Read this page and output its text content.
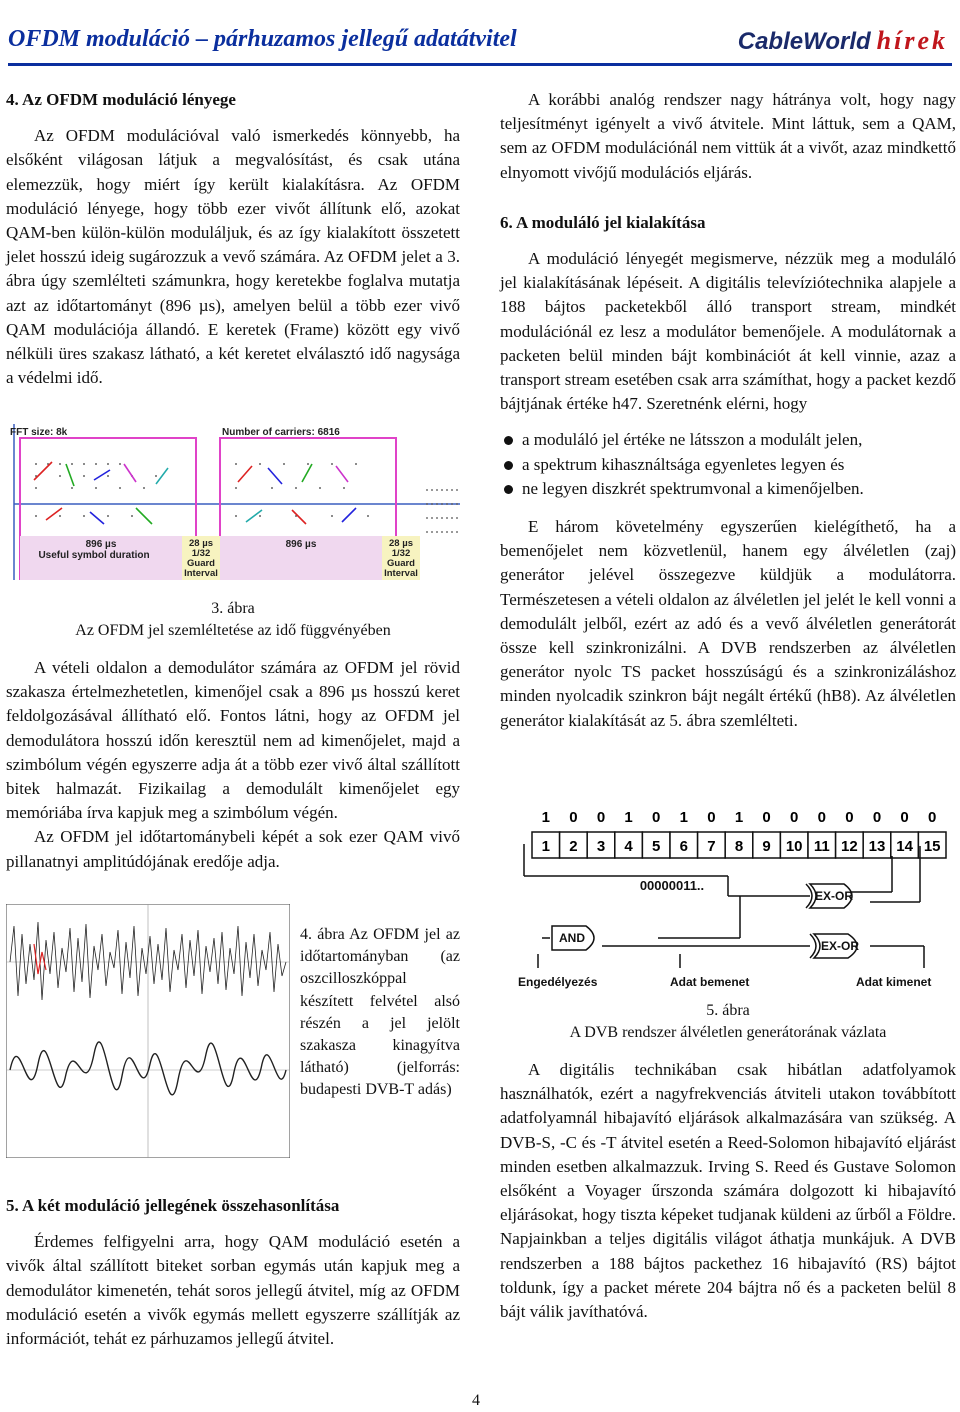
OFDM moduláció – párhuzamos jellegű adatátvitel	CableWorld hírek
4. Az OFDM moduláció lényege

Az OFDM modulációval való ismerkedés könnyebb, ha elsőként világosan látjuk a megvalósítást, és csak utána elemezzük, hogy miért így került kialakításra. Az OFDM moduláció lényege, hogy több ezer vivőt állítunk elő, azokat QAM-ben külön-külön modulálјuk, és az így kialakított összetett jelet hosszú ideig sugározzuk a vevő számára. Az OFDM jelet a 3. ábra úgy szemlélteti számunkra, hogy keretekbe foglalva mutatja azt az időtartományt (896 µs), amelyen belül a több ezer vivő QAM modulációja állandó. E keretek (Frame) között egy vivő nélküli üres szakasz látható, a két keretet elválasztó idő nagysága a védelmi idő.

FFT size: 8k	Number of carriers: 6816
896 µs
Useful symbol duration
28 µs
1/32
Guard
Interval
896 µs	28 µs
1/32
Guard
Interval
3. ábra
Az OFDM jel szemléltetése az idő függvényében

A vételi oldalon a demodulátor számára az OFDM jel rövid szakasza értelmezhetetlen, kimenőjel csak a 896 µs hosszú keret feldolgozásával állítható elő. Fontos látni, hogy az OFDM jel demodulátora hosszú időn keresztül nem ad kimenőjelet, majd a szimbólum végén egyszerre adja át a több ezer vivő által szállított bitek halmazát. Fizikailag a demodulált kimenőjelet egy memóriába írva kapjuk meg a szimbólum végén.

Az OFDM jel időtartománybeli képét a sok ezer QAM vivő pillanatnyi amplitúdójának eredője adja.

4. ábra Az OFDM jel az időtartományban (az oszcilloszkóppal készített felvétel alsó részén a jel jelölt szakasza kinagyítva látható) (jelforrás: budapesti DVB-T adás)
5. A két moduláció jellegének összehasonlítása

Érdemes felfigyelni arra, hogy QAM moduláció esetén a vivők által szállított biteket sorban egymás után kapjuk meg a demodulátor kimenetén, tehát soros jellegű átvitel, míg az OFDM moduláció esetén a vivők egymás mellett egyszerre szállítják az információt, tehát ez párhuzamos jellegű átvitel.

A korábbi analóg rendszer nagy hátránya volt, hogy nagy teljesítményt igényelt a vivő átvitele. Mint láttuk, sem a QAM, sem az OFDM modulációnál nem vittük át a vivőt, azaz mindkettő elnyomott vivőjű modulációs eljárás.

6. A moduláló jel kialakítása

A moduláció lényegét megismerve, nézzük meg a moduláló jel kialakításának lépéseit. A digitális televíziótechnika alapjele a 188 bájtos packetekből álló transport stream, mindkét modulációnál ez lesz a modulátor bemenőjele. A modulátornak a packeten belül minden bájt kombinációt át kell vinnie, azaz a transport stream esetében csak arra számíthat, hogy a packet kezdő bájtjának értéke h47. Szeretnénk elérni, hogy

a moduláló jel értéke ne látsszon a modulált jelen,
a spektrum kihasználtsága egyenletes legyen és
ne legyen diszkrét spektrumvonal a kimenőjelben.

E három követelmény egyszerűen kielégíthető, ha a bemenőjelet nem közvetlenül, hanem egy álvéletlen (zaj) generátor jelével összegezve küldjük a modulátorra. Természetesen a vételi oldalon az álvéletlen jel jelét le kell vonni a demodulált jelből, ezért az adó és a vevő álvéletlen generátorát össze kell szinkronizálni. A DVB rendszerben az álvéletlen generátor nyolc TS packet hosszúságú és a szinkronizáláshoz minden nyolcadik szinkron bájt negált értékű (hB8). Az álvéletlen generátor kialakítását az 5. ábra szemlélteti.

1 0 0 1 0 1 0 1 0 0 0 0 0 0 0
1 2 3 4 5 6 7 8 9 10 11 12 13 14 15
EX-OR
AND
EX-OR
00000011..
Engedélyezés	Adat bemenet	Adat kimenet
5. ábra
A DVB rendszer álvéletlen generátorának vázlata

A digitális technikában csak hibátlan adatfolyamok használhatók, ezért a nagyfrekvenciás átviteli utakon továbbított adatfolyamnál hibajavító eljárások alkalmazására van szükség. A DVB-S, -C és -T átvitel esetén a Reed-Solomon hibajavító eljárást minden esetben alkalmazzuk. Irving S. Reed és Gustave Solomon elsőként a Voyager űrszonda számára dolgozott ki hibajavító eljárásokat, hogy tiszta képeket tudjanak küldeni az űrből a Földre. Napjainkban a teljes digitális világot áthatja munkájuk. A DVB rendszerben a 188 bájtos packethez 16 hibajavító (RS) bájtot toldunk, így a packet mérete 204 bájtra nő és a packeten belül 8 bájt válik javíthatóvá.

4
